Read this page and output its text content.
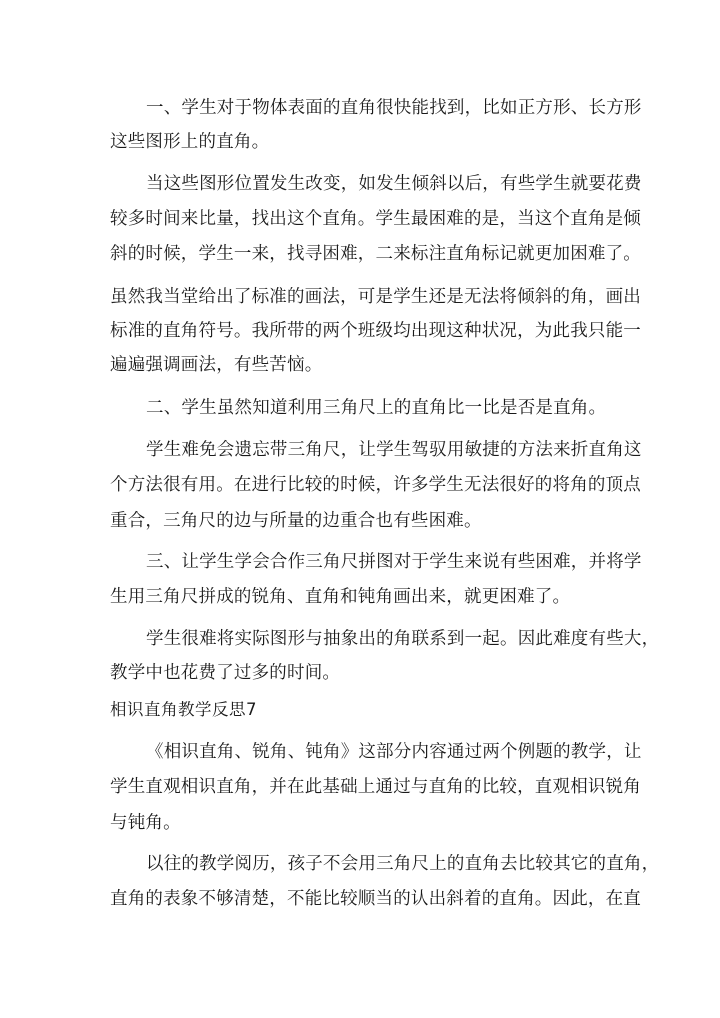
一、学生对于物体表面的直角很快能找到，比如正方形、长方形
这些图形上的直角。
当这些图形位置发生改变，如发生倾斜以后，有些学生就要花费
较多时间来比量，找出这个直角。学生最困难的是，当这个直角是倾
斜的时候，学生一来，找寻困难，二来标注直角标记就更加困难了。
虽然我当堂给出了标准的画法，可是学生还是无法将倾斜的角，画出
标准的直角符号。我所带的两个班级均出现这种状况，为此我只能一
遍遍强调画法，有些苦恼。
二、学生虽然知道利用三角尺上的直角比一比是否是直角。
学生难免会遗忘带三角尺，让学生驾驭用敏捷的方法来折直角这
个方法很有用。在进行比较的时候，许多学生无法很好的将角的顶点
重合，三角尺的边与所量的边重合也有些困难。
三、让学生学会合作三角尺拼图对于学生来说有些困难，并将学
生用三角尺拼成的锐角、直角和钝角画出来，就更困难了。
学生很难将实际图形与抽象出的角联系到一起。因此难度有些大，
教学中也花费了过多的时间。
相识直角教学反思7
《相识直角、锐角、钝角》这部分内容通过两个例题的教学，让
学生直观相识直角，并在此基础上通过与直角的比较，直观相识锐角
与钝角。
以往的教学阅历，孩子不会用三角尺上的直角去比较其它的直角，
直角的表象不够清楚，不能比较顺当的认出斜着的直角。因此，在直
